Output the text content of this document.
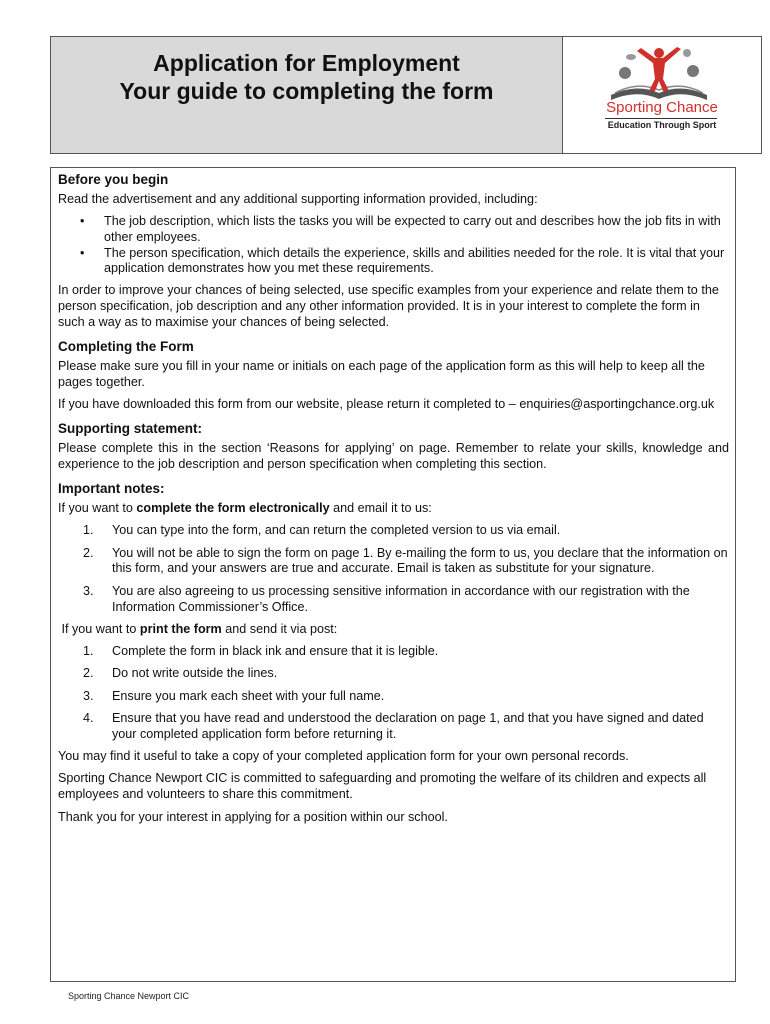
Application for Employment
Your guide to completing the form
Sporting Chance
Education Through Sport
Before you begin

Read the advertisement and any additional supporting information provided, including:

• The job description, which lists the tasks you will be expected to carry out and describes how the job fits in with other employees.
• The person specification, which details the experience, skills and abilities needed for the role. It is vital that your application demonstrates how you met these requirements.

In order to improve your chances of being selected, use specific examples from your experience and relate them to the person specification, job description and any other information provided. It is in your interest to complete the form in such a way as to maximise your chances of being selected.

Completing the Form

Please make sure you fill in your name or initials on each page of the application form as this will help to keep all the pages together.

If you have downloaded this form from our website, please return it completed to – enquiries@asportingchance.org.uk

Supporting statement:

Please complete this in the section ‘Reasons for applying’ on page. Remember to relate your skills, knowledge and experience to the job description and person specification when completing this section.

Important notes:

If you want to complete the form electronically and email it to us:

1. You can type into the form, and can return the completed version to us via email.
2. You will not be able to sign the form on page 1. By e-mailing the form to us, you declare that the information on this form, and your answers are true and accurate. Email is taken as substitute for your signature.
3. You are also agreeing to us processing sensitive information in accordance with our registration with the Information Commissioner’s Office.

If you want to print the form and send it via post:

1. Complete the form in black ink and ensure that it is legible.
2. Do not write outside the lines.
3. Ensure you mark each sheet with your full name.
4. Ensure that you have read and understood the declaration on page 1, and that you have signed and dated your completed application form before returning it.

You may find it useful to take a copy of your completed application form for your own personal records.

Sporting Chance Newport CIC is committed to safeguarding and promoting the welfare of its children and expects all employees and volunteers to share this commitment.

Thank you for your interest in applying for a position within our school.

Sporting Chance Newport CIC
